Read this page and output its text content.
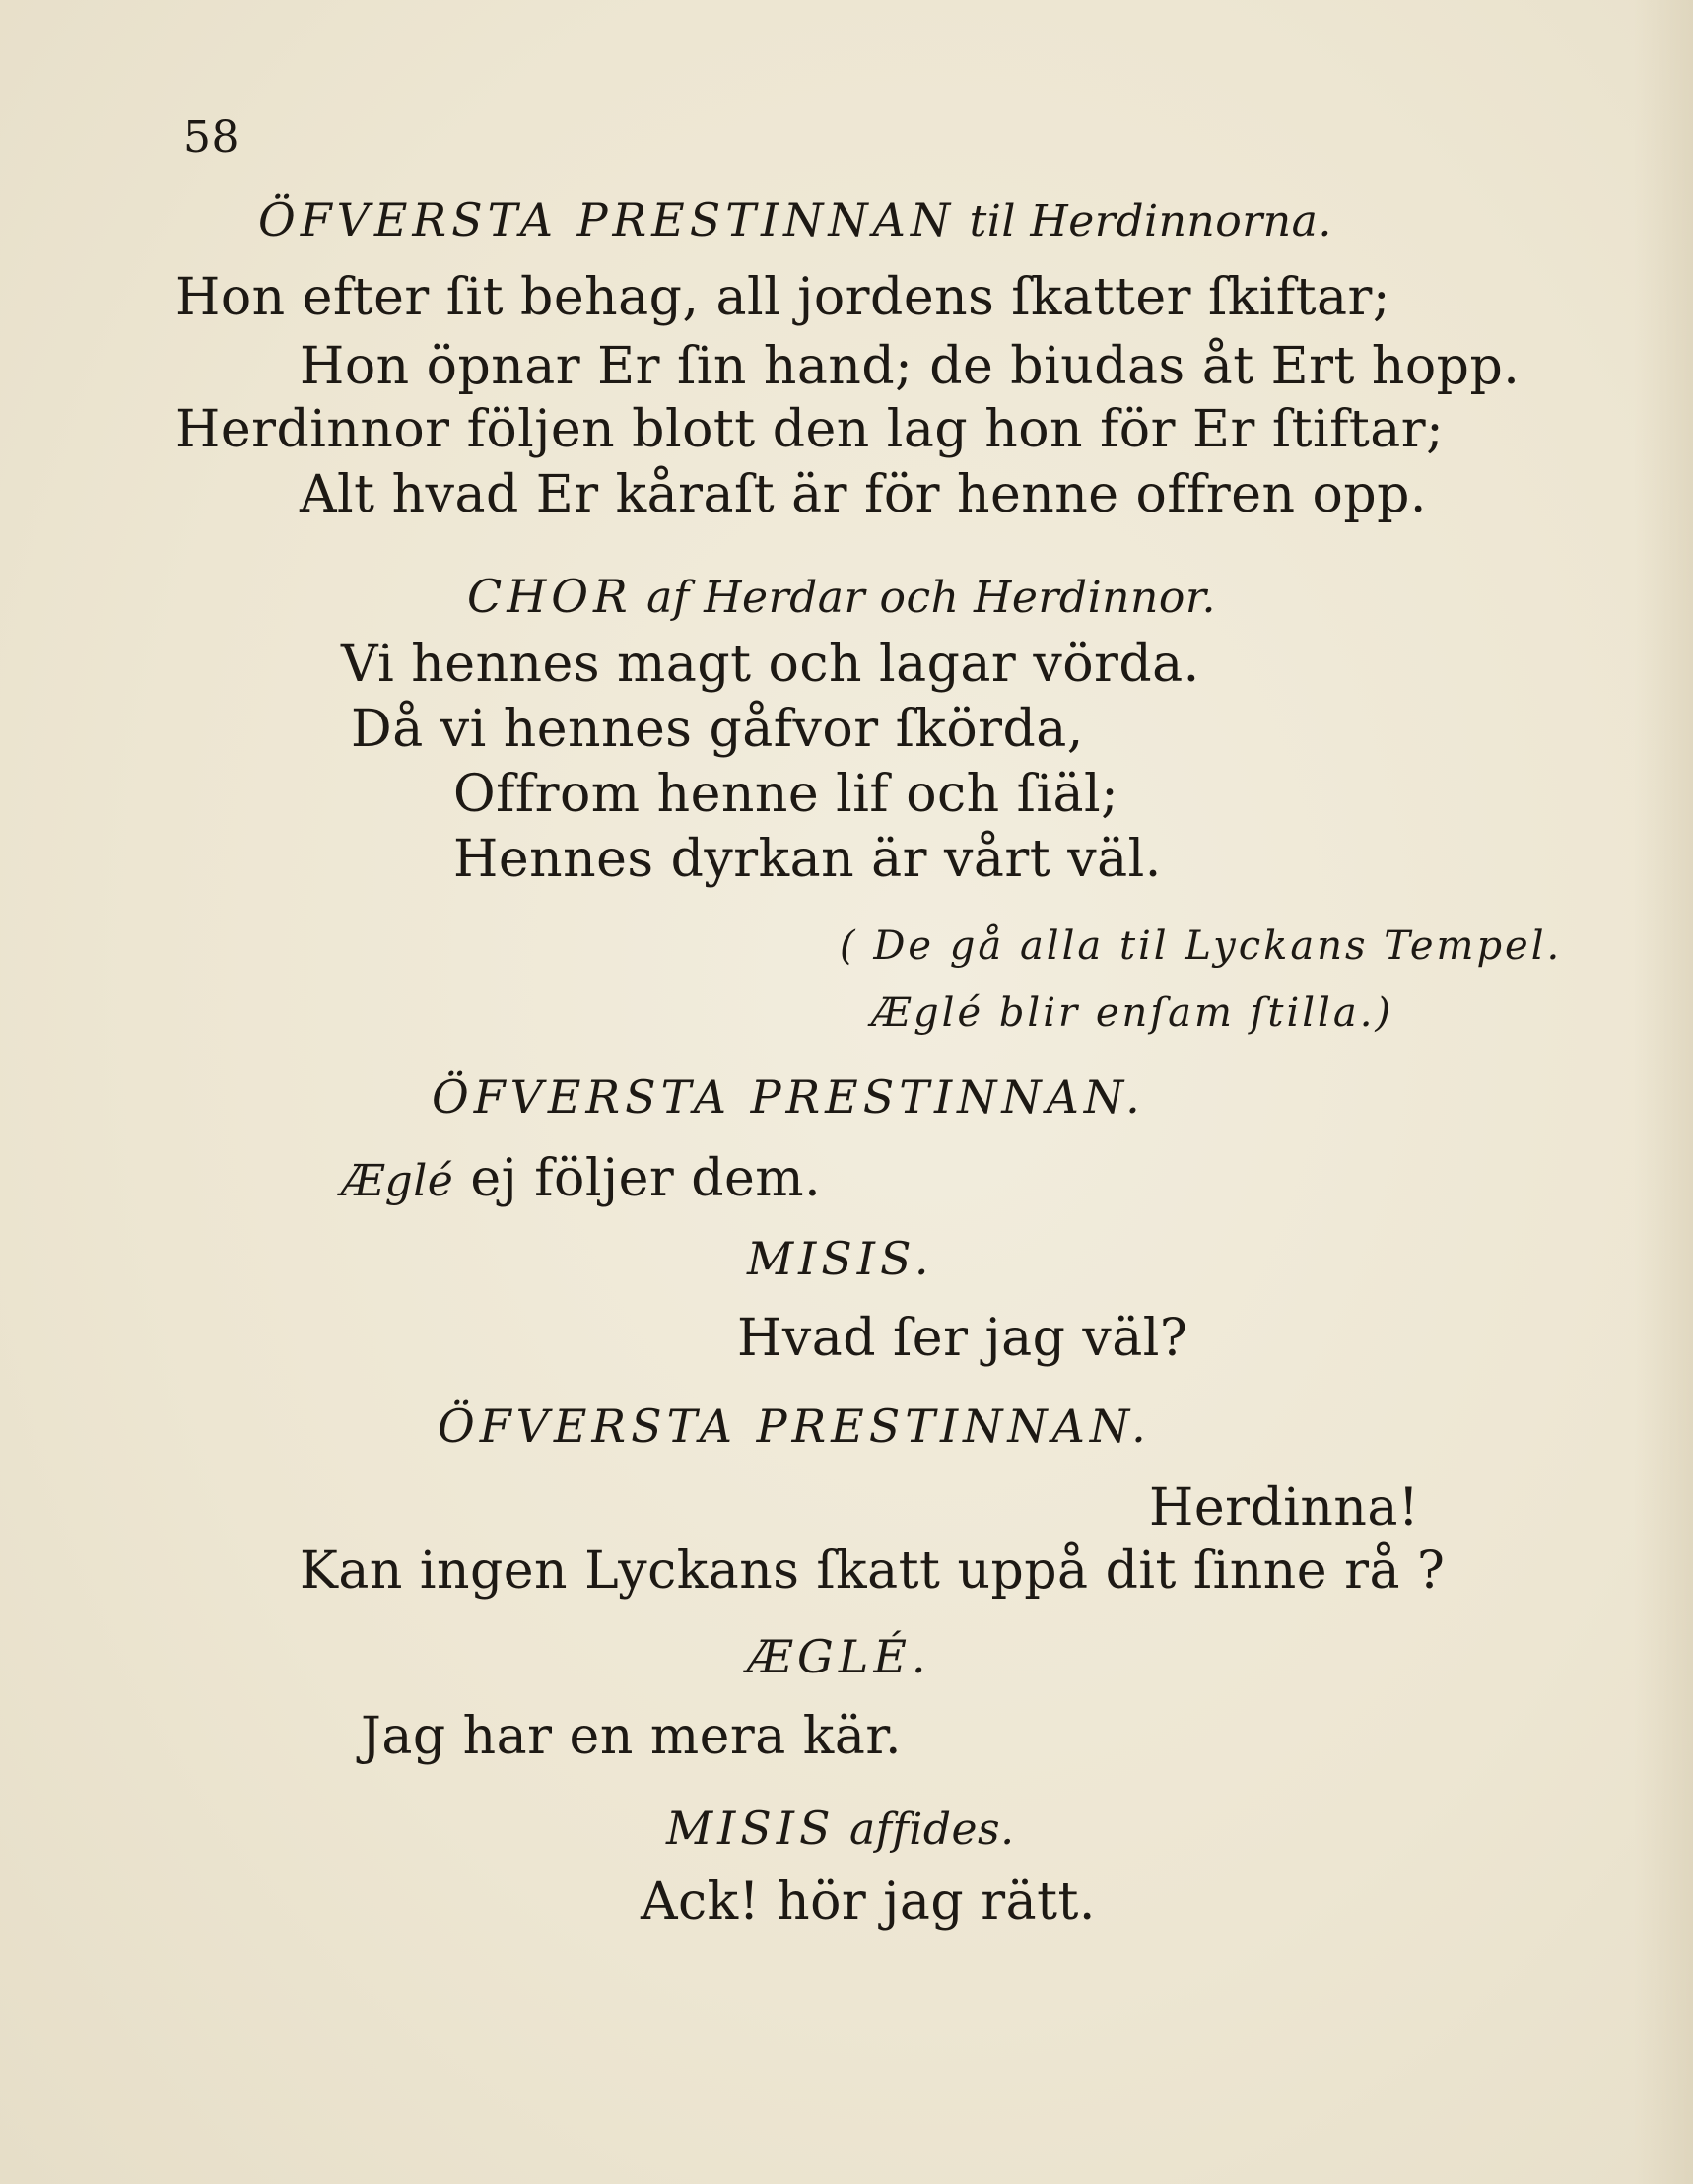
58
ÖFVERSTA PRESTINNAN til Herdinnorna.
Hon efter ſit behag, all jordens ſkatter ſkiftar;
Hon öpnar Er ſin hand; de biudas åt Ert hopp.
Herdinnor följen blott den lag hon för Er ſtiftar;
Alt hvad Er kåraſt är för henne offren opp.
CHOR af Herdar och Herdinnor.
Vi hennes magt och lagar vörda.
Då vi hennes gåfvor ſkörda,
Offrom henne lif och ſiäl;
Hennes dyrkan är vårt väl.
( De gå alla til Lyckans Tempel.
Æglé blir enſam ſtilla.)
ÖFVERSTA PRESTINNAN.
Æglé ej följer dem.
MISIS.
Hvad ſer jag väl?
ÖFVERSTA PRESTINNAN.
Herdinna!
Kan ingen Lyckans ſkatt uppå dit ſinne rå ?
ÆGLÉ.
Jag har en mera kär.
MISIS affides.
Ack! hör jag rätt.
